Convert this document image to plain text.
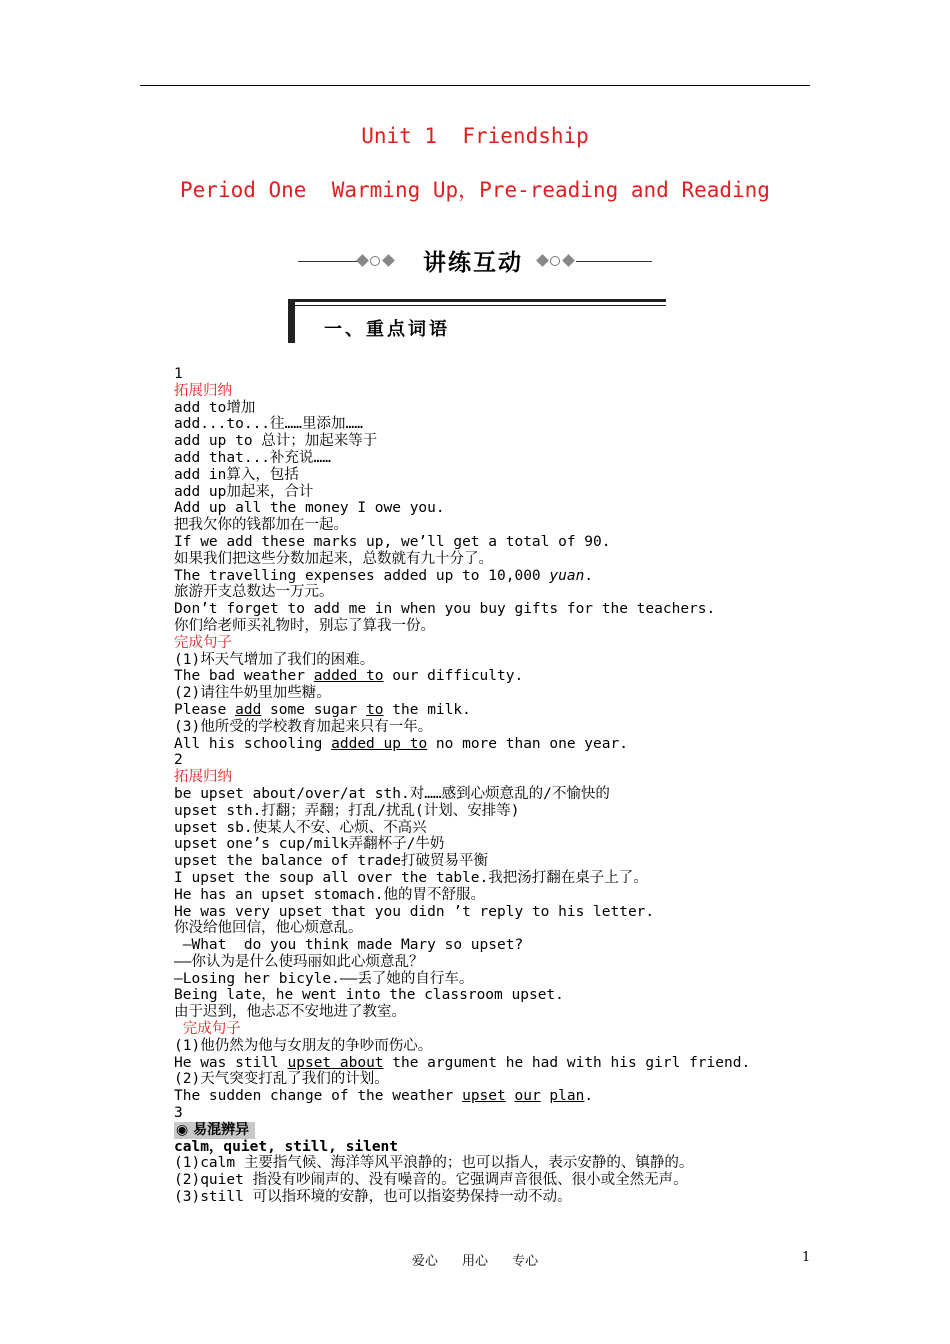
Unit 1  Friendship
Period One  Warming Up，Pre-reading and Reading
讲练互动
一、重点词语
1
拓展归纳
add to增加
add...to...往……里添加……
add up to 总计；加起来等于
add that...补充说……
add in算入，包括
add up加起来，合计
Add up all the money I owe you.
把我欠你的钱都加在一起。
If we add these marks up, we’ll get a total of 90.
如果我们把这些分数加起来，总数就有九十分了。
The travelling expenses added up to 10,000 yuan.
旅游开支总数达一万元。
Don’t forget to add me in when you buy gifts for the teachers.
你们给老师买礼物时，别忘了算我一份。
完成句子
(1)坏天气增加了我们的困难。
The bad weather added to our difficulty.
(2)请往牛奶里加些糖。
Please add some sugar to the milk.
(3)他所受的学校教育加起来只有一年。
All his schooling added up to no more than one year.
2
拓展归纳
be upset about/over/at sth.对……感到心烦意乱的/不愉快的
upset sth.打翻；弄翻；打乱/扰乱(计划、安排等)
upset sb.使某人不安、心烦、不高兴
upset one’s cup/milk弄翻杯子/牛奶
upset the balance of trade打破贸易平衡
I upset the soup all over the table.我把汤打翻在桌子上了。
He has an upset stomach.他的胃不舒服。
He was very upset that you didn ’t reply to his letter.
你没给他回信，他心烦意乱。
—What  do you think made Mary so upset?
——你认为是什么使玛丽如此心烦意乱？
—Losing her bicyle.——丢了她的自行车。
Being late，he went into the classroom upset.
由于迟到，他忐忑不安地进了教室。
完成句子
(1)他仍然为他与女朋友的争吵而伤心。
He was still upset about the argument he had with his girl friend.
(2)天气突变打乱了我们的计划。
The sudden change of the weather upset our plan.
3
◉ 易混辨异
calm，quiet, still, silent
(1)calm 主要指气候、海洋等风平浪静的；也可以指人，表示安静的、镇静的。
(2)quiet 指没有吵闹声的、没有噪音的。它强调声音很低、很小或全然无声。
(3)still 可以指环境的安静，也可以指姿势保持一动不动。
爱心 用心 专心	1
